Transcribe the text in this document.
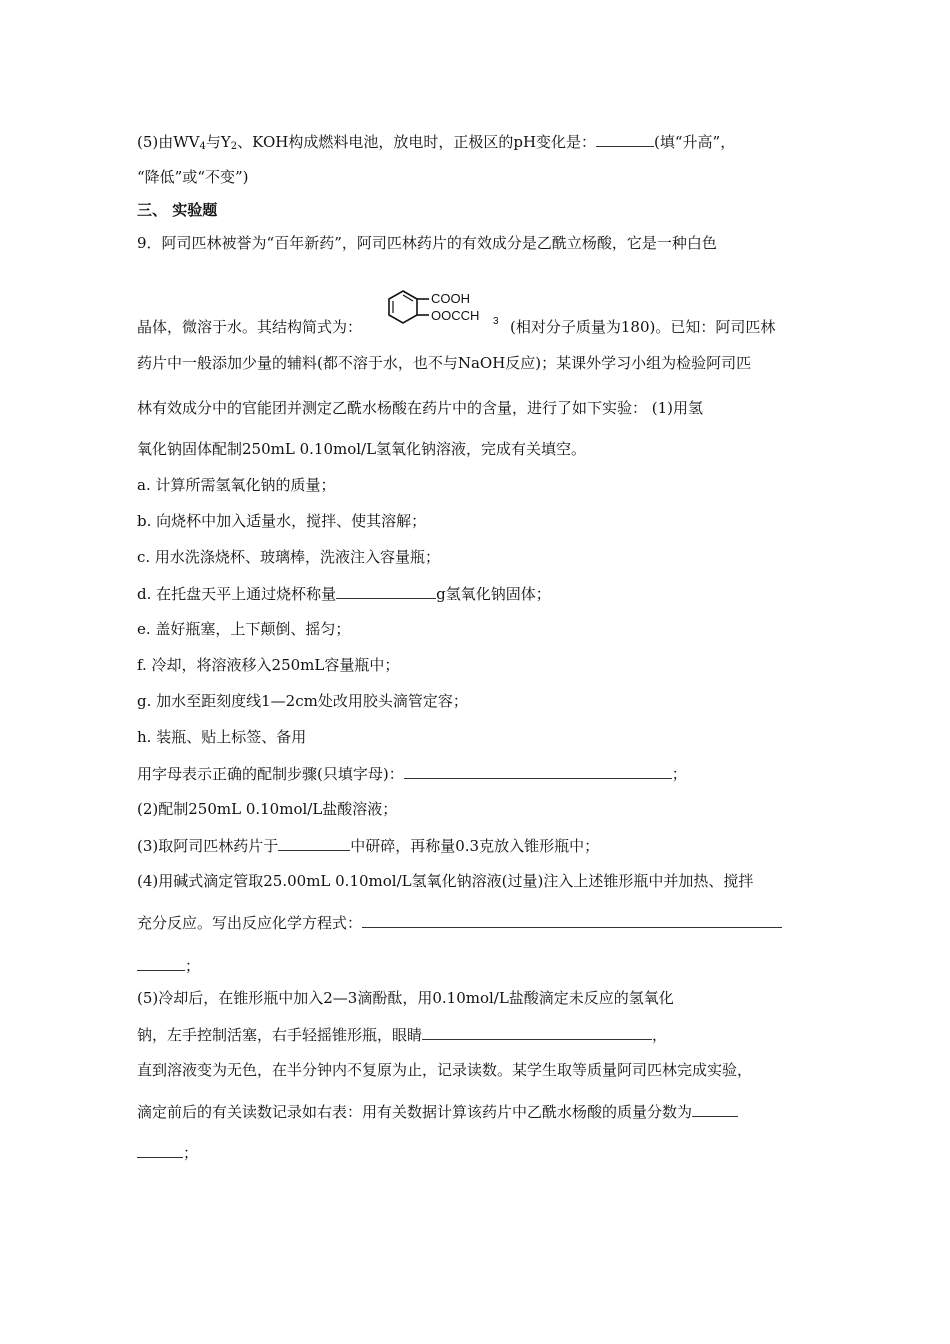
(5)由$WV_4$与$Y_2$、KOH构成燃料电池，放电时，正极区的pH变化是：	(填“升高”，
“降低”或“不变”)
三、 实验题
9．阿司匹林被誉为“百年新药”，阿司匹林药片的有效成分是乙酰立杨酸，它是一种白色
COOH
OOCCH 3
晶体，微溶于水。其结构简式为：	(相对分子质量为180)。已知：阿司匹林
药片中一般添加少量的辅料(都不溶于水，也不与NaOH反应)；某课外学习小组为检验阿司匹
林有效成分中的官能团并测定乙酰水杨酸在药片中的含量，进行了如下实验： (1)用氢
氧化钠固体配制250mL 0.10mol/L氢氧化钠溶液，完成有关填空。
a. 计算所需氢氧化钠的质量；
b. 向烧杯中加入适量水，搅拌、使其溶解；
c. 用水洗涤烧杯、玻璃棒，洗液注入容量瓶；
d. 在托盘天平上通过烧杯称量	g氢氧化钠固体；
e. 盖好瓶塞，上下颠倒、摇匀；
f. 冷却，将溶液移入250mL容量瓶中；
g. 加水至距刻度线1—2cm处改用胶头滴管定容；
h. 装瓶、贴上标签、备用
用字母表示正确的配制步骤(只填字母)：	；
(2)配制250mL 0.10mol/L盐酸溶液；
(3)取阿司匹林药片于	中研碎，再称量0.3克放入锥形瓶中；
(4)用碱式滴定管取25.00mL 0.10mol/L氢氧化钠溶液(过量)注入上述锥形瓶中并加热、搅拌
充分反应。写出反应化学方程式：
；
(5)冷却后，在锥形瓶中加入2—3滴酚酞，用0.10mol/L盐酸滴定未反应的氢氧化
钠，左手控制活塞，右手轻摇锥形瓶，眼睛	，
直到溶液变为无色，在半分钟内不复原为止，记录读数。某学生取等质量阿司匹林完成实验，
滴定前后的有关读数记录如右表：用有关数据计算该药片中乙酰水杨酸的质量分数为
；
